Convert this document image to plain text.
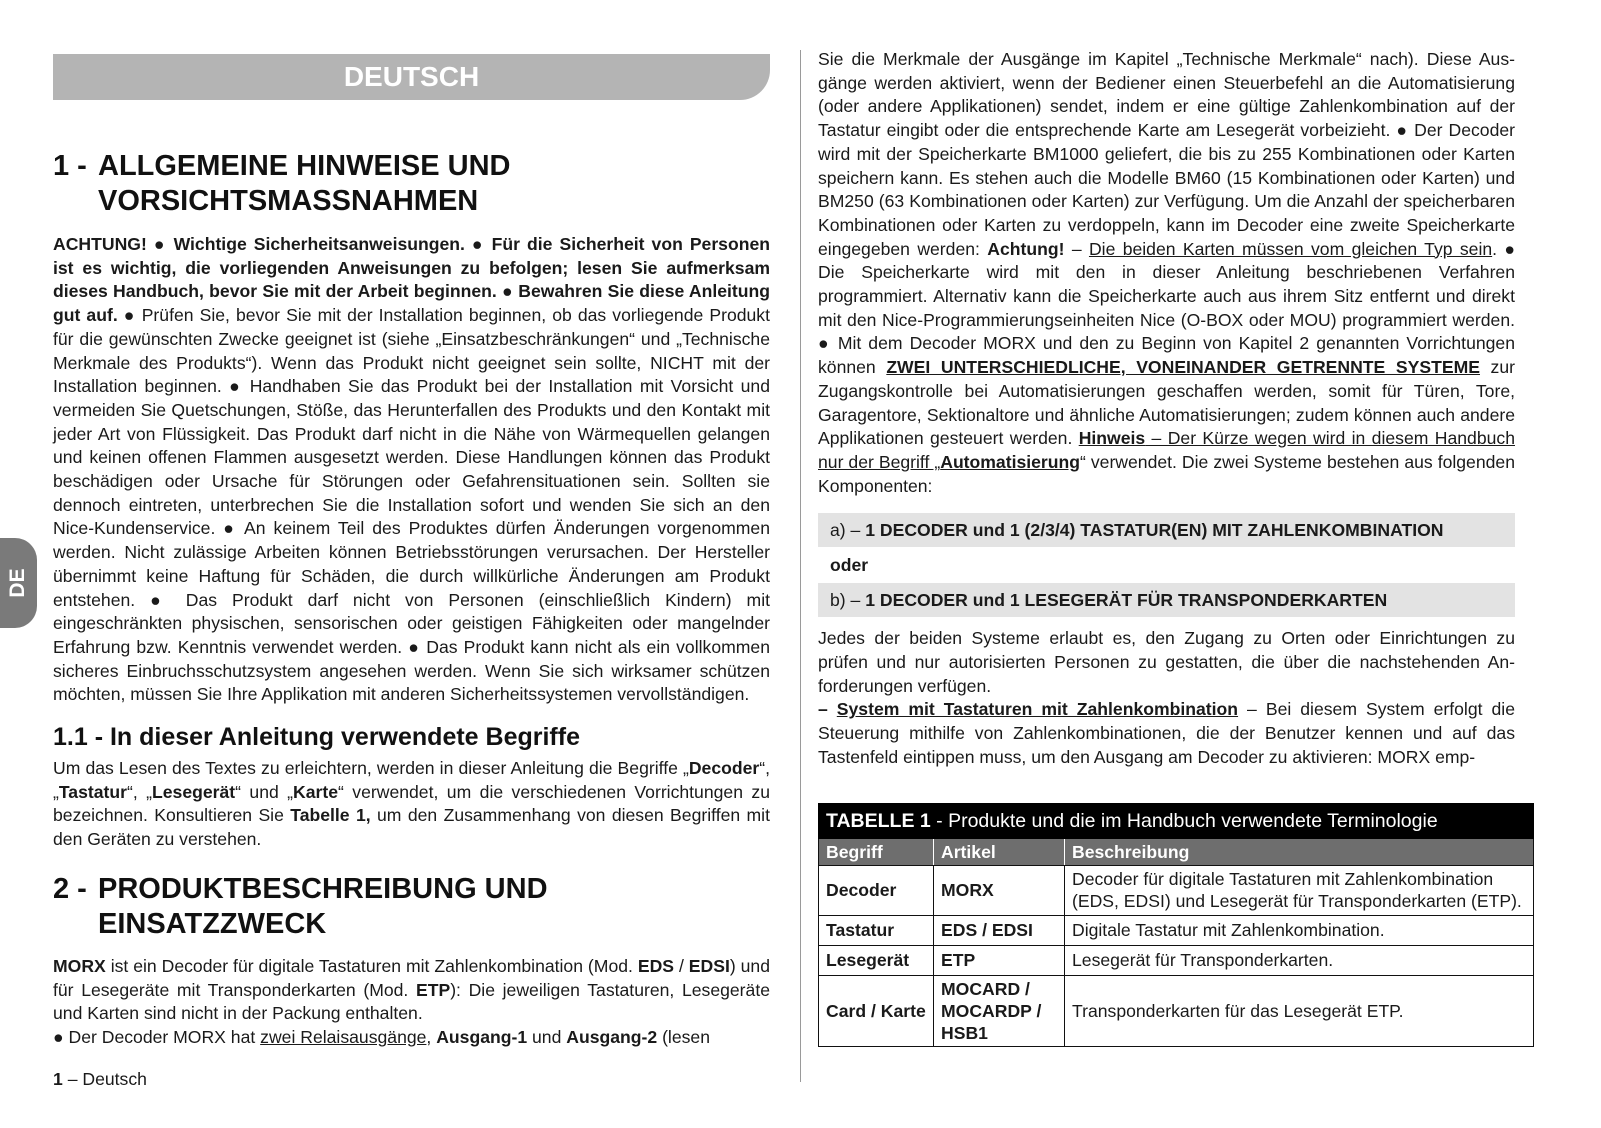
DE
DEUTSCH
1 - ALLGEMEINE HINWEISE UND
VORSICHTSMASSNAHMEN

ACHTUNG! ● Wichtige Sicherheitsanweisungen. ● Für die Sicherheit von Personen ist es wichtig, die vorliegenden Anweisungen zu befolgen; lesen Sie aufmerksam dieses Handbuch, bevor Sie mit der Arbeit beginnen. ● Bewahren Sie diese Anleitung gut auf. ● Prüfen Sie, bevor Sie mit der Installation beginnen, ob das vorliegende Produkt für die gewünschten Zwecke geeignet ist (siehe „Einsatzbeschränkungen“ und „Technische Merkmale des Produkts“). Wenn das Produkt nicht geeignet sein sollte, NICHT mit der Installation beginnen. ● Handhaben Sie das Produkt bei der Installation mit Vorsicht und vermeiden Sie Quetschungen, Stöße, das Herunterfallen des Produkts und den Kontakt mit jeder Art von Flüssigkeit. Das Produkt darf nicht in die Nähe von Wärmequellen gelangen und keinen offenen Flammen ausgesetzt werden. Diese Handlungen können das Produkt beschädigen oder Ursache für Störungen oder Gefahrensituationen sein. Sollten sie dennoch eintreten, unterbrechen Sie die Installation sofort und wenden Sie sich an den Nice-Kundenservice. ● An keinem Teil des Produktes dürfen Änderungen vorgenommen werden. Nicht zulässige Arbeiten können Betriebsstörungen verursachen. Der Hersteller übernimmt keine Haftung für Schäden, die durch willkürliche Änderungen am Produkt entstehen. ● Das Produkt darf nicht von Personen (einschließlich Kindern) mit eingeschränkten physischen, sensorischen oder geistigen Fähigkeiten oder mangelnder Erfahrung bzw. Kenntnis verwendet werden. ● Das Produkt kann nicht als ein vollkommen sicheres Einbruchsschutzsystem angesehen werden. Wenn Sie sich wirksamer schützen möchten, müssen Sie Ihre Applikation mit anderen Sicherheitssystemen vervollständigen.

1.1 - In dieser Anleitung verwendete Begriffe

Um das Lesen des Textes zu erleichtern, werden in dieser Anleitung die Begriffe „Decoder“, „Tastatur“, „Lesegerät“ und „Karte“ verwendet, um die verschiedenen Vorrichtungen zu bezeichnen. Konsultieren Sie Tabelle 1, um den Zusammenhang von diesen Begriffen mit den Geräten zu verstehen.

2 - PRODUKTBESCHREIBUNG UND EINSATZZWECK

MORX ist ein Decoder für digitale Tastaturen mit Zahlenkombination (Mod. EDS / EDSI) und für Lesegeräte mit Transponderkarten (Mod. ETP): Die jeweiligen Tastaturen, Lesegeräte und Karten sind nicht in der Packung enthalten.

● Der Decoder MORX hat zwei Relaisausgänge, Ausgang-1 und Ausgang-2 (lesen

Sie die Merkmale der Ausgänge im Kapitel „Technische Merkmale“ nach). Diese Ausgänge werden aktiviert, wenn der Bediener einen Steuerbefehl an die Automatisierung (oder andere Applikationen) sendet, indem er eine gültige Zahlenkombination auf der Tastatur eingibt oder die entsprechende Karte am Lesegerät vorbeizieht. ● Der Decoder wird mit der Speicherkarte BM1000 geliefert, die bis zu 255 Kombinationen oder Karten speichern kann. Es stehen auch die Modelle BM60 (15 Kombinationen oder Karten) und BM250 (63 Kombinationen oder Karten) zur Verfügung. Um die Anzahl der speicherbaren Kombinationen oder Karten zu verdoppeln, kann im Decoder eine zweite Speicherkarte eingegeben werden: Achtung! – Die beiden Karten müssen vom gleichen Typ sein. ● Die Speicherkarte wird mit den in dieser Anleitung beschriebenen Verfahren programmiert. Alternativ kann die Speicherkarte auch aus ihrem Sitz entfernt und direkt mit den Nice-Programmierungseinheiten Nice (O-BOX oder MOU) programmiert werden. ● Mit dem Decoder MORX und den zu Beginn von Kapitel 2 genannten Vorrichtungen können ZWEI UNTERSCHIEDLICHE, VONEINANDER GETRENNTE SYSTEME zur Zugangskontrolle bei Automatisierungen geschaffen werden, somit für Türen, Tore, Garagentore, Sektionaltore und ähnliche Automatisierungen; zudem können auch andere Applikationen gesteuert werden. Hinweis – Der Kürze wegen wird in diesem Handbuch nur der Begriff „Automatisierung“ verwendet. Die zwei Systeme bestehen aus folgenden Komponenten:

a) – 1 DECODER und 1 (2/3/4) TASTATUR(EN) MIT ZAHLENKOMBINATION
oder
b) – 1 DECODER und 1 LESEGERÄT FÜR TRANSPONDERKARTEN

Jedes der beiden Systeme erlaubt es, den Zugang zu Orten oder Einrichtungen zu prüfen und nur autorisierten Personen zu gestatten, die über die nachstehenden Anforderungen verfügen.

– System mit Tastaturen mit Zahlenkombination – Bei diesem System erfolgt die Steuerung mithilfe von Zahlenkombinationen, die der Benutzer kennen und auf das Tastenfeld eintippen muss, um den Ausgang am Decoder zu aktivieren: MORX emp-

TABELLE 1 - Produkte und die im Handbuch verwendete Terminologie		
Begriff	Artikel	Beschreibung
Decoder	MORX	Decoder für digitale Tastaturen mit Zahlenkombination (EDS, EDSI) und Lesegerät für Transponderkarten (ETP).
Tastatur	EDS / EDSI	Digitale Tastatur mit Zahlenkombination.
Lesegerät	ETP	Lesegerät für Transponderkarten.
Card / Karte	MOCARD / MOCARDP / HSB1	Transponderkarten für das Lesegerät ETP.
1 – Deutsch
